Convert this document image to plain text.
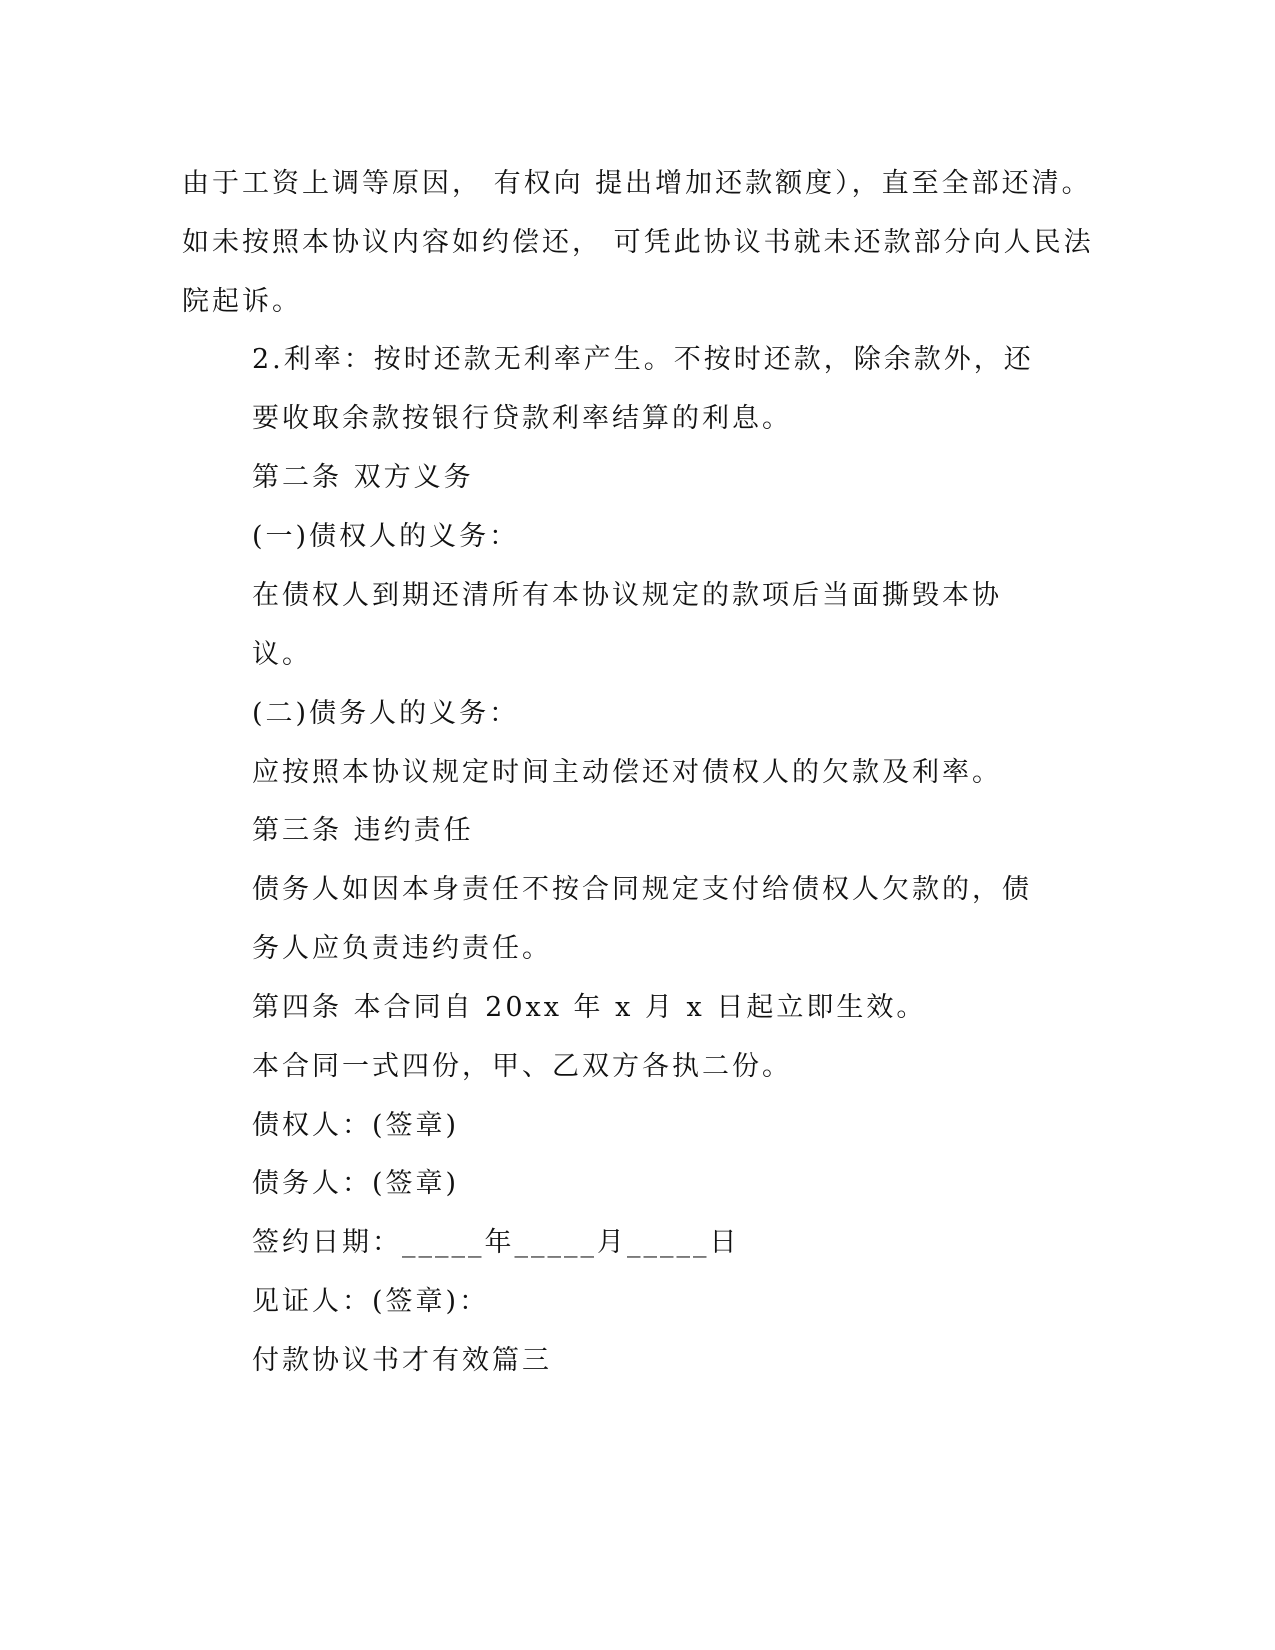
由于工资上调等原因， 有权向 提出增加还款额度），直至全部还清。
如未按照本协议内容如约偿还， 可凭此协议书就未还款部分向人民法
院起诉。
2.利率：按时还款无利率产生。不按时还款，除余款外，还
要收取余款按银行贷款利率结算的利息。
第二条 双方义务
(一)债权人的义务：
在债权人到期还清所有本协议规定的款项后当面撕毁本协
议。
(二)债务人的义务：
应按照本协议规定时间主动偿还对债权人的欠款及利率。
第三条 违约责任
债务人如因本身责任不按合同规定支付给债权人欠款的，债
务人应负责违约责任。
第四条 本合同自 20xx 年 x 月 x 日起立即生效。
本合同一式四份，甲、乙双方各执二份。
债权人：(签章)
债务人：(签章)
签约日期：_____年_____月_____日
见证人：(签章)：
付款协议书才有效篇三
